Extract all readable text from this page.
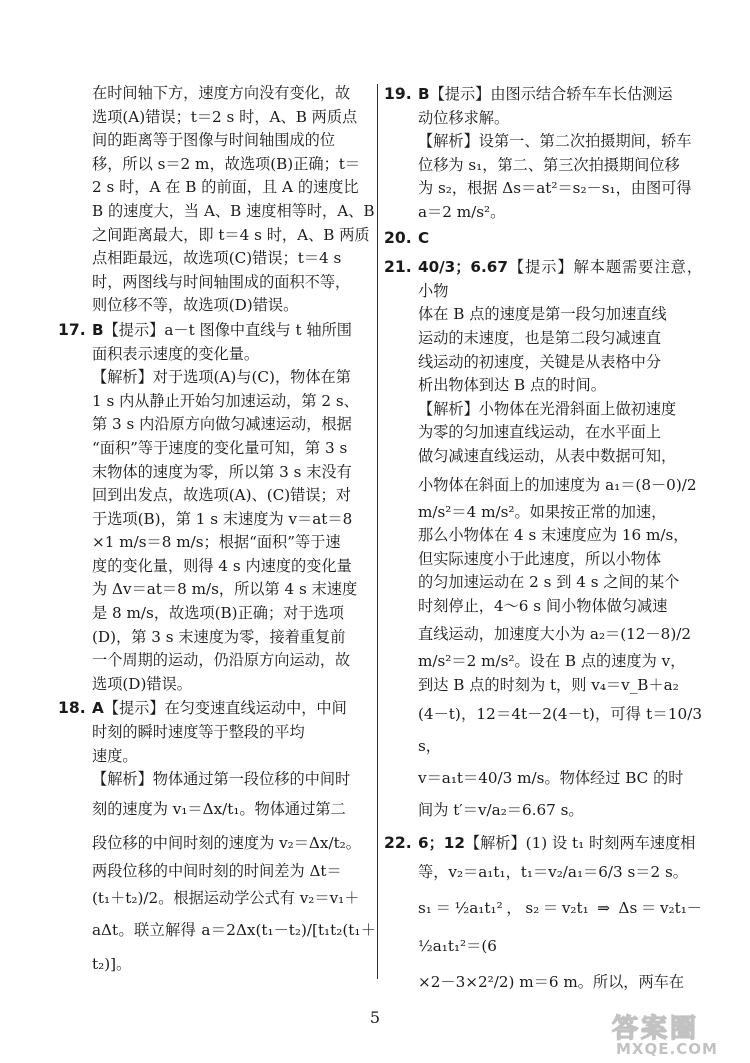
在时间轴下方，速度方向没有变化，故

选项(A)错误；t＝2 s 时，A、B 两质点

间的距离等于图像与时间轴围成的位

移，所以 s＝2 m，故选项(B)正确；t＝

2 s 时，A 在 B 的前面，且 A 的速度比

B 的速度大，当 A、B 速度相等时，A、B

之间距离最大，即 t＝4 s 时，A、B 两质

点相距最远，故选项(C)错误；t＝4 s

时，两图线与时间轴围成的面积不等，

则位移不等，故选项(D)错误。

17. B【提示】a－t 图像中直线与 t 轴所围

面积表示速度的变化量。

【解析】对于选项(A)与(C)，物体在第

1 s 内从静止开始匀加速运动，第 2 s、

第 3 s 内沿原方向做匀减速运动，根据

“面积”等于速度的变化量可知，第 3 s

末物体的速度为零，所以第 3 s 末没有

回到出发点，故选项(A)、(C)错误；对

于选项(B)，第 1 s 末速度为 v＝at＝8

×1 m/s＝8 m/s；根据“面积”等于速

度的变化量，则得 4 s 内速度的变化量

为 Δv＝at＝8 m/s，所以第 4 s 末速度

是 8 m/s，故选项(B)正确；对于选项

(D)，第 3 s 末速度为零，接着重复前

一个周期的运动，仍沿原方向运动，故

选项(D)错误。

18. A【提示】在匀变速直线运动中，中间

时刻的瞬时速度等于整段的平均

速度。

【解析】物体通过第一段位移的中间时

刻的速度为 v₁＝Δx/t₁。物体通过第二

段位移的中间时刻的速度为 v₂＝Δx/t₂。

两段位移的中间时刻的时间差为 Δt＝

(t₁＋t₂)/2。根据运动学公式有 v₂＝v₁＋

aΔt。联立解得 a＝2Δx(t₁－t₂)/[t₁t₂(t₁＋t₂)]。

19. B【提示】由图示结合轿车车长估测运

动位移求解。

【解析】设第一、第二次拍摄期间，轿车

位移为 s₁，第二、第三次拍摄期间位移

为 s₂，根据 Δs＝at²＝s₂－s₁，由图可得

a＝2 m/s²。

20. C

21. 40/3；6.67【提示】解本题需要注意，小物

体在 B 点的速度是第一段匀加速直线

运动的末速度，也是第二段匀减速直

线运动的初速度，关键是从表格中分

析出物体到达 B 点的时间。

【解析】小物体在光滑斜面上做初速度

为零的匀加速直线运动，在水平面上

做匀减速直线运动，从表中数据可知，

小物体在斜面上的加速度为 a₁＝(8－0)/2

m/s²＝4 m/s²。如果按正常的加速，

那么小物体在 4 s 末速度应为 16 m/s，

但实际速度小于此速度，所以小物体

的匀加速运动在 2 s 到 4 s 之间的某个

时刻停止，4～6 s 间小物体做匀减速

直线运动，加速度大小为 a₂＝(12－8)/2

m/s²＝2 m/s²。设在 B 点的速度为 v，

到达 B 点的时刻为 t，则 v₄＝v_B＋a₂

(4－t)，12＝4t－2(4－t)，可得 t＝10/3 s，

v＝a₁t＝40/3 m/s。物体经过 BC 的时

间为 t′＝v/a₂＝6.67 s。

22. 6；12【解析】(1) 设 t₁ 时刻两车速度相

等，v₂＝a₁t₁，t₁＝v₂/a₁＝6/3 s＝2 s。

s₁＝½a₁t₁²，s₂＝v₂t₁ ⇒ Δs＝v₂t₁－½a₁t₁²＝(6

×2－3×2²/2) m＝6 m。所以，两车在

5	答案圈
MXQE.COM
